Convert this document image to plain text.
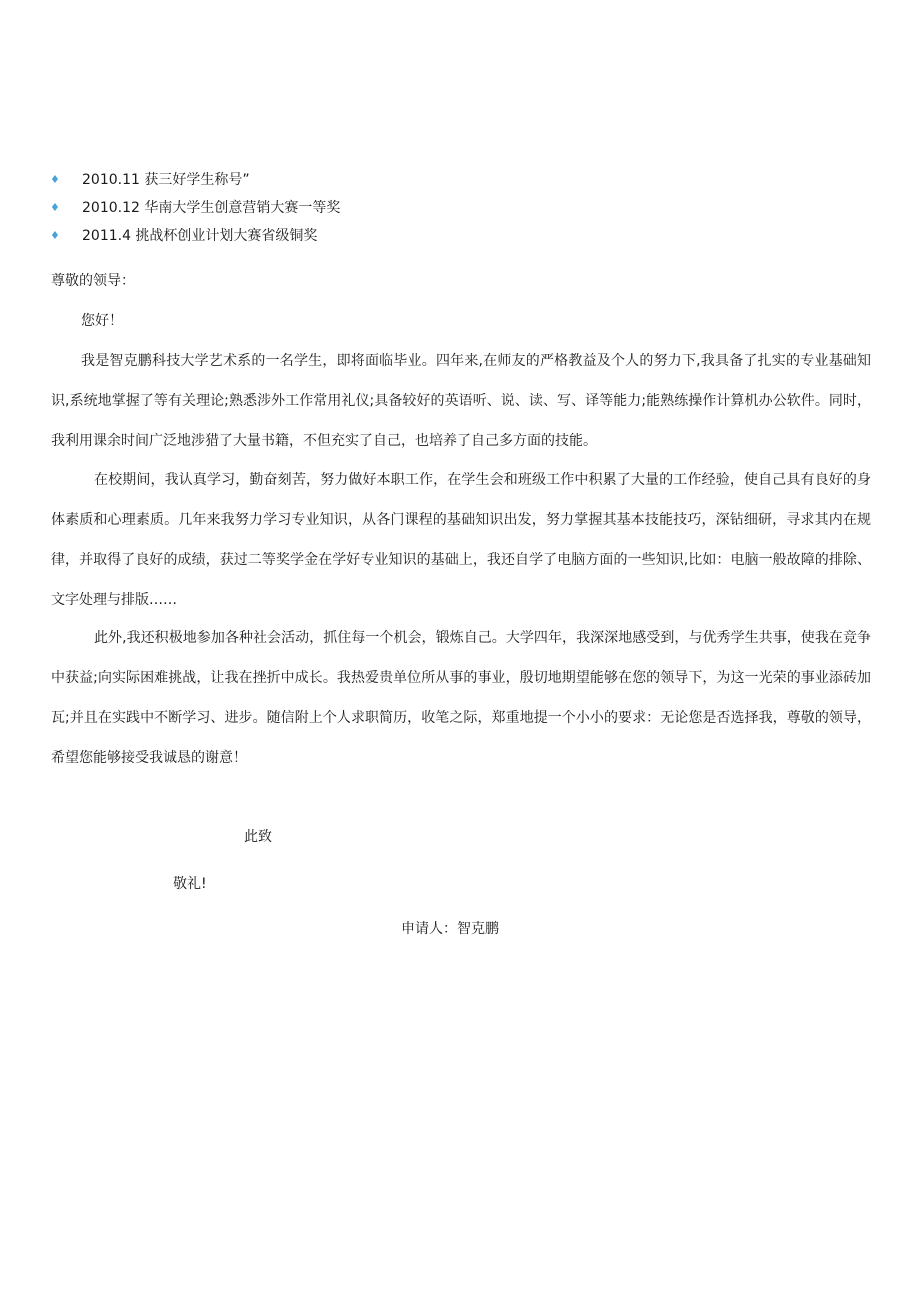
♦ 2010.11 获三好学生称号”
♦ 2010.12 华南大学生创意营销大赛一等奖
♦ 2011.4 挑战杯创业计划大赛省级铜奖
尊敬的领导：
您好！

我是智克鹏科技大学艺术系的一名学生，即将面临毕业。四年来,在师友的严格教益及个人的努力下,我具备了扎实的专业基础知识,系统地掌握了等有关理论;熟悉涉外工作常用礼仪;具备较好的英语听、说、读、写、译等能力;能熟练操作计算机办公软件。同时，我利用课余时间广泛地涉猎了大量书籍，不但充实了自己，也培养了自己多方面的技能。

在校期间，我认真学习，勤奋刻苦，努力做好本职工作，在学生会和班级工作中积累了大量的工作经验，使自己具有良好的身体素质和心理素质。几年来我努力学习专业知识，从各门课程的基础知识出发，努力掌握其基本技能技巧，深钻细研，寻求其内在规律，并取得了良好的成绩，获过二等奖学金在学好专业知识的基础上，我还自学了电脑方面的一些知识,比如：电脑一般故障的排除、文字处理与排版……

此外,我还积极地参加各种社会活动，抓住每一个机会，锻炼自己。大学四年，我深深地感受到，与优秀学生共事，使我在竞争中获益;向实际困难挑战，让我在挫折中成长。我热爱贵单位所从事的事业，殷切地期望能够在您的领导下，为这一光荣的事业添砖加瓦;并且在实践中不断学习、进步。随信附上个人求职简历，收笔之际，郑重地提一个小小的要求：无论您是否选择我，尊敬的领导，希望您能够接受我诚恳的谢意！

此致
敬礼!
申请人：智克鹏
